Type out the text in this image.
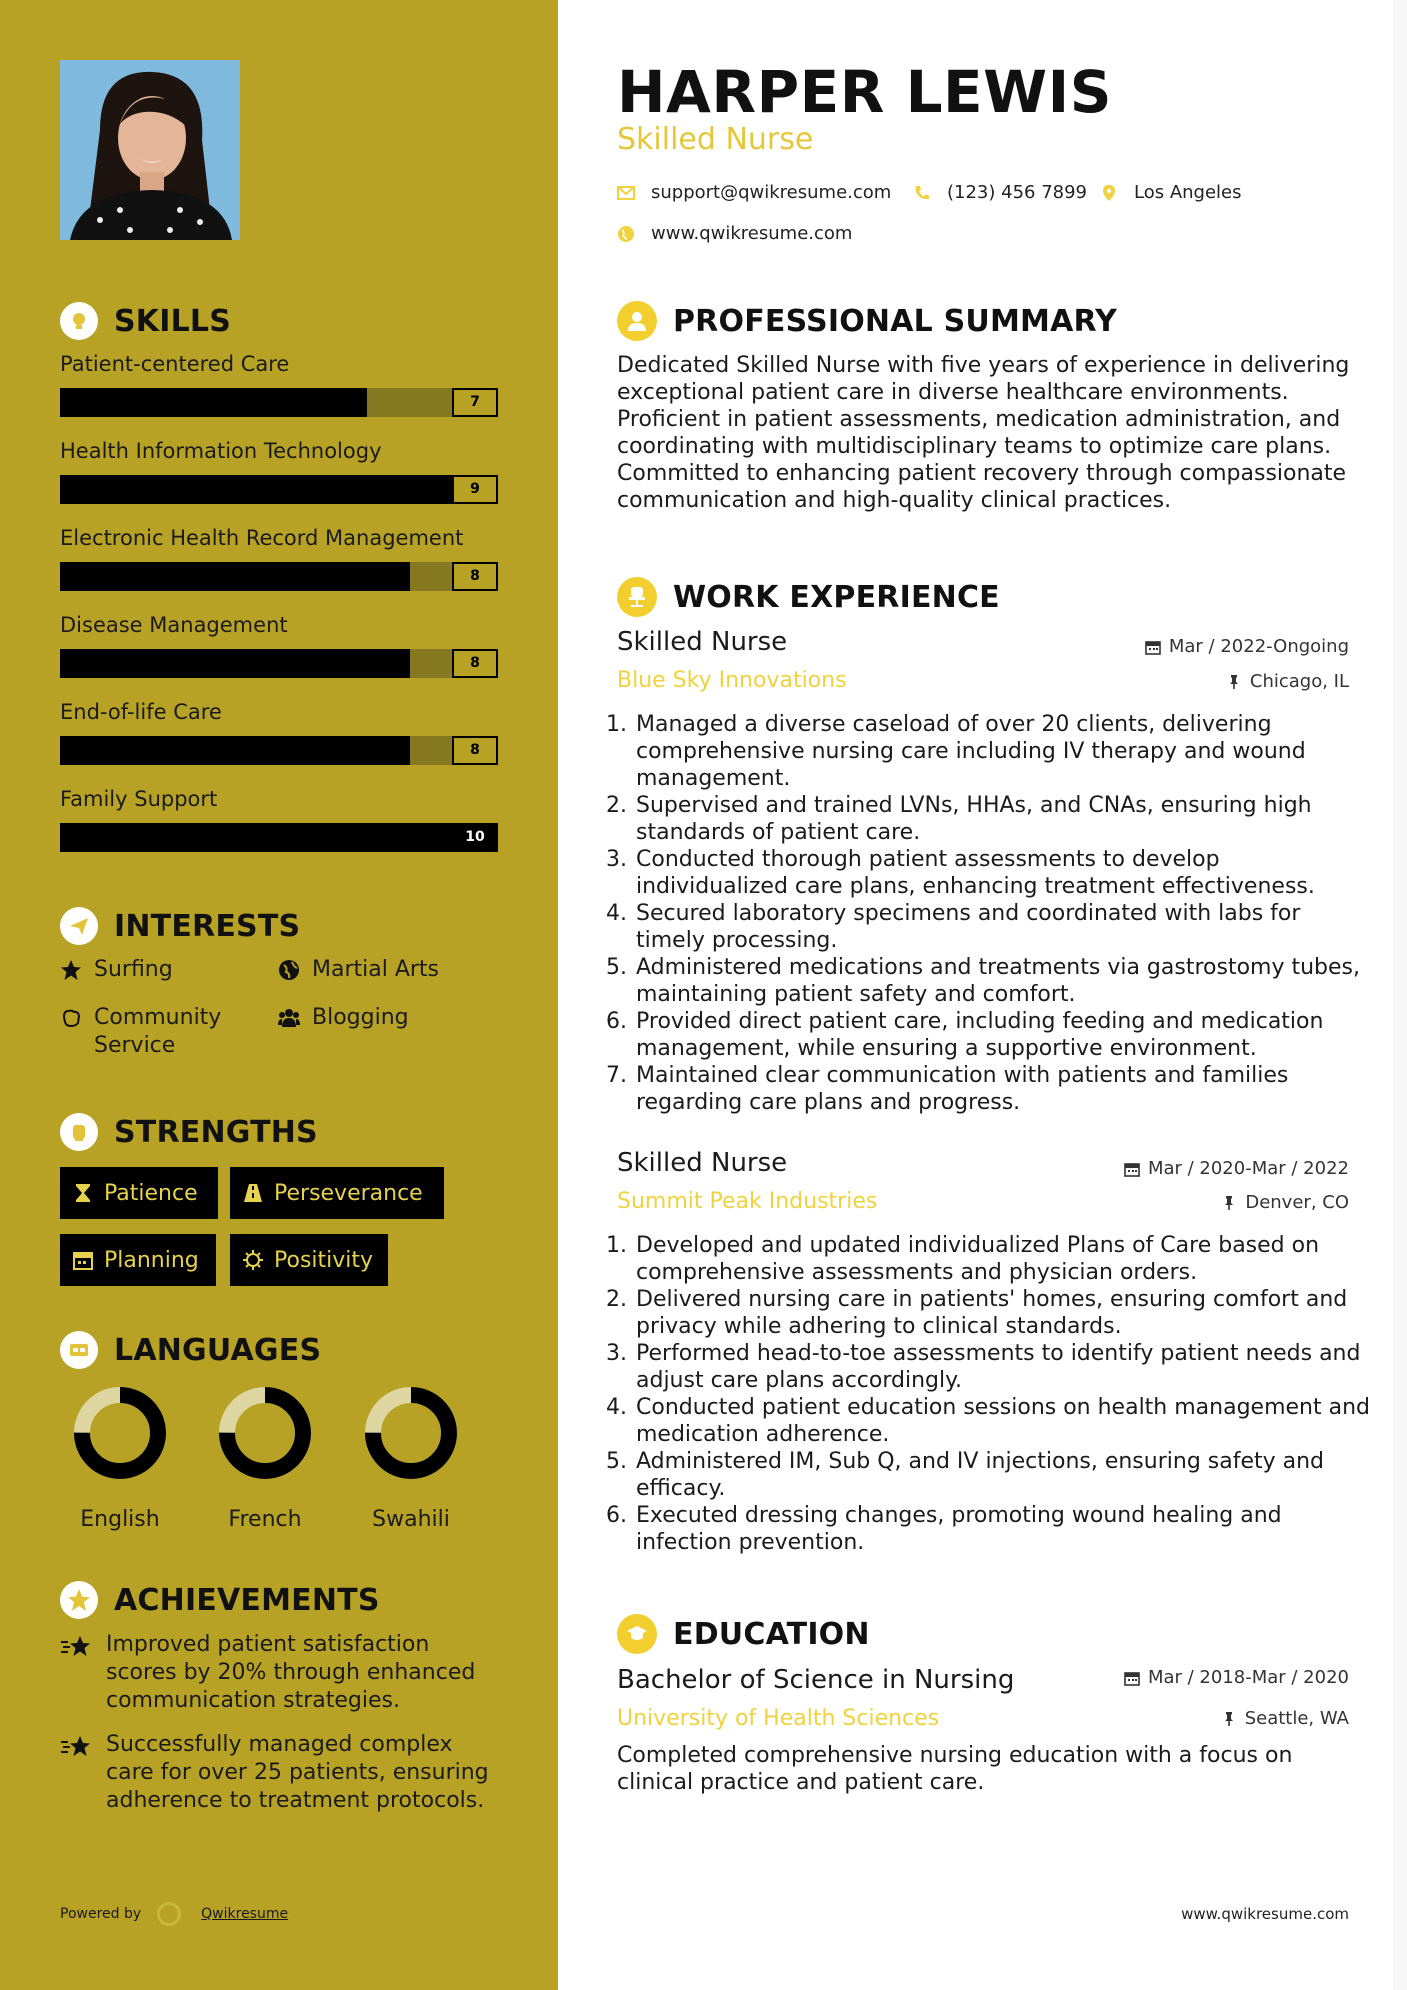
SKILLS
Patient-centered Care
7
Health Information Technology
9
Electronic Health Record Management
8
Disease Management
8
End-of-life Care
8
Family Support
10
INTERESTS
Surfing	Martial Arts
Community Service
Blogging
STRENGTHS
Patience	Perseverance
Planning	Positivity
LANGUAGES
English	French	Swahili
ACHIEVEMENTS
Improved patient satisfaction scores by 20% through enhanced communication strategies.
Successfully managed complex care for over 25 patients, ensuring adherence to treatment protocols.
Powered by	Qwikresume
HARPER LEWIS
Skilled Nurse
support@qwikresume.com	(123) 456 7899	Los Angeles
www.qwikresume.com
PROFESSIONAL SUMMARY
Dedicated Skilled Nurse with five years of experience in delivering exceptional patient care in diverse healthcare environments. Proficient in patient assessments, medication administration, and coordinating with multidisciplinary teams to optimize care plans. Committed to enhancing patient recovery through compassionate communication and high-quality clinical practices.
WORK EXPERIENCE
Skilled Nurse
Blue Sky Innovations
Mar / 2022-Ongoing
Chicago, IL
1. Managed a diverse caseload of over 20 clients, delivering comprehensive nursing care including IV therapy and wound management.
2. Supervised and trained LVNs, HHAs, and CNAs, ensuring high standards of patient care.
3. Conducted thorough patient assessments to develop individualized care plans, enhancing treatment effectiveness.
4. Secured laboratory specimens and coordinated with labs for timely processing.
5. Administered medications and treatments via gastrostomy tubes, maintaining patient safety and comfort.
6. Provided direct patient care, including feeding and medication management, while ensuring a supportive environment.
7. Maintained clear communication with patients and families regarding care plans and progress.
Skilled Nurse
Summit Peak Industries
Mar / 2020-Mar / 2022
Denver, CO
1. Developed and updated individualized Plans of Care based on comprehensive assessments and physician orders.
2. Delivered nursing care in patients' homes, ensuring comfort and privacy while adhering to clinical standards.
3. Performed head-to-toe assessments to identify patient needs and adjust care plans accordingly.
4. Conducted patient education sessions on health management and medication adherence.
5. Administered IM, Sub Q, and IV injections, ensuring safety and efficacy.
6. Executed dressing changes, promoting wound healing and infection prevention.
EDUCATION
Bachelor of Science in Nursing
University of Health Sciences
Mar / 2018-Mar / 2020
Seattle, WA
Completed comprehensive nursing education with a focus on clinical practice and patient care.
www.qwikresume.com
